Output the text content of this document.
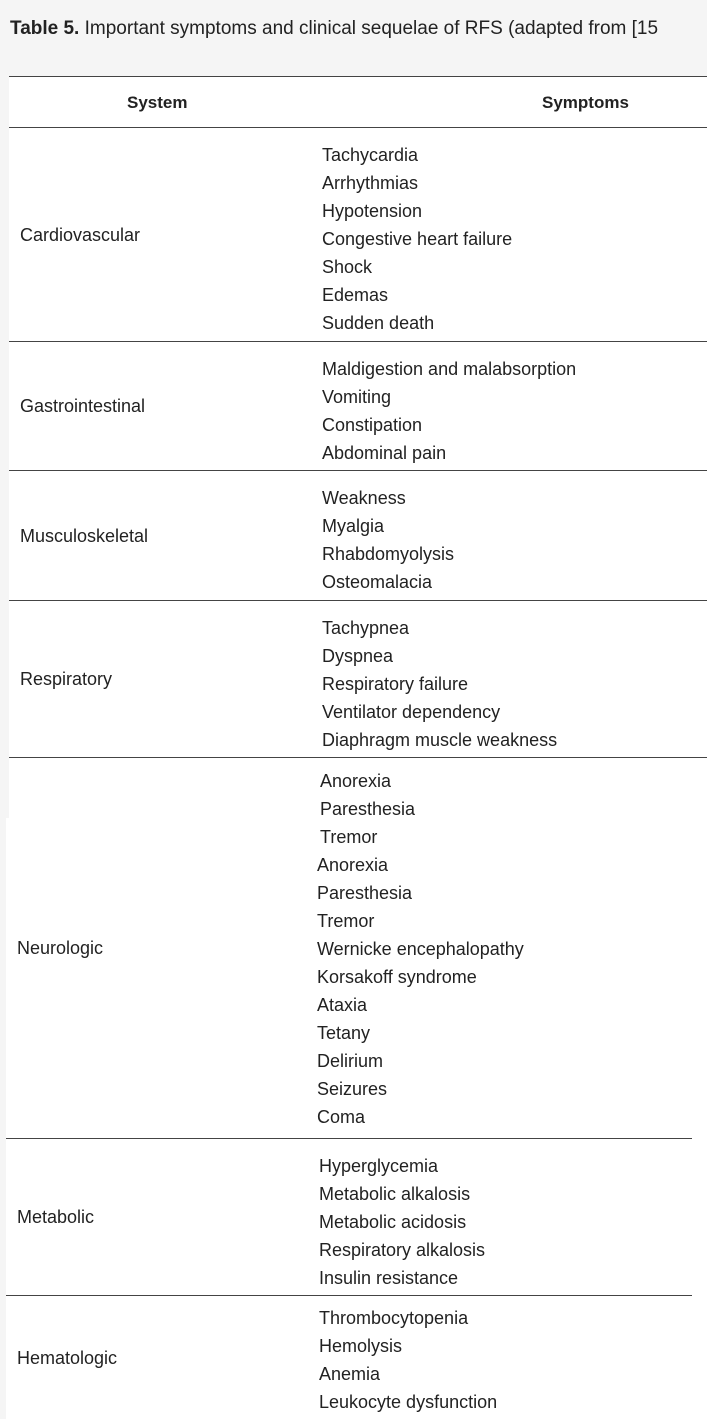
Table 5. Important symptoms and clinical sequelae of RFS (adapted from [15
System	Symptoms
Cardiovascular
Tachycardia
Arrhythmias
Hypotension
Congestive heart failure
Shock
Edemas
Sudden death
Gastrointestinal
Maldigestion and malabsorption
Vomiting
Constipation
Abdominal pain
Musculoskeletal
Weakness
Myalgia
Rhabdomyolysis
Osteomalacia
Respiratory
Tachypnea
Dyspnea
Respiratory failure
Ventilator dependency
Diaphragm muscle weakness
Neurologic
Anorexia
Paresthesia
Tremor
Anorexia
Paresthesia
Tremor
Wernicke encephalopathy
Korsakoff syndrome
Ataxia
Tetany
Delirium
Seizures
Coma
Metabolic
Hyperglycemia
Metabolic alkalosis
Metabolic acidosis
Respiratory alkalosis
Insulin resistance
Hematologic
Thrombocytopenia
Hemolysis
Anemia
Leukocyte dysfunction
